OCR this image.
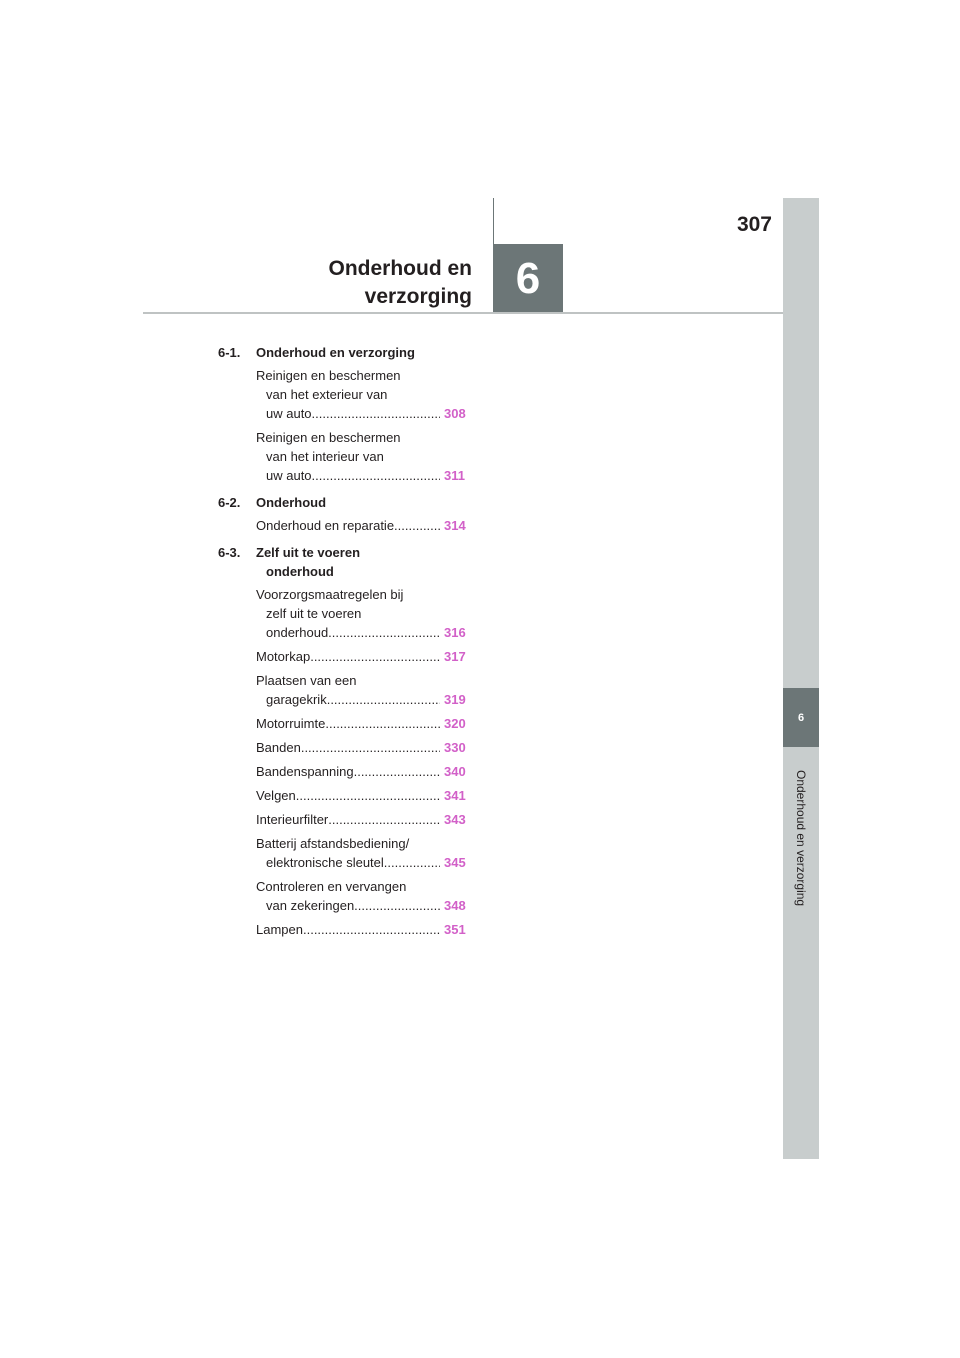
307
Onderhoud en
verzorging 6
6
Onderhoud en verzorging
6-1.	Onderhoud en verzorging
Reinigen en beschermen
van het exterieur van
uw auto .....	308
Reinigen en beschermen
van het interieur van
uw auto .....	311
6-2.	Onderhoud
Onderhoud en reparatie .....	314
6-3.	Zelf uit te voeren
onderhoud
Voorzorgsmaatregelen bij
zelf uit te voeren
onderhoud .....	316
Motorkap .....	317
Plaatsen van een
garagekrik .....	319
Motorruimte .....	320
Banden .....	330
Bandenspanning .....	340
Velgen .....	341
Interieurfilter .....	343
Batterij afstandsbediening/
elektronische sleutel .....	345
Controleren en vervangen
van zekeringen .....	348
Lampen .....	351
